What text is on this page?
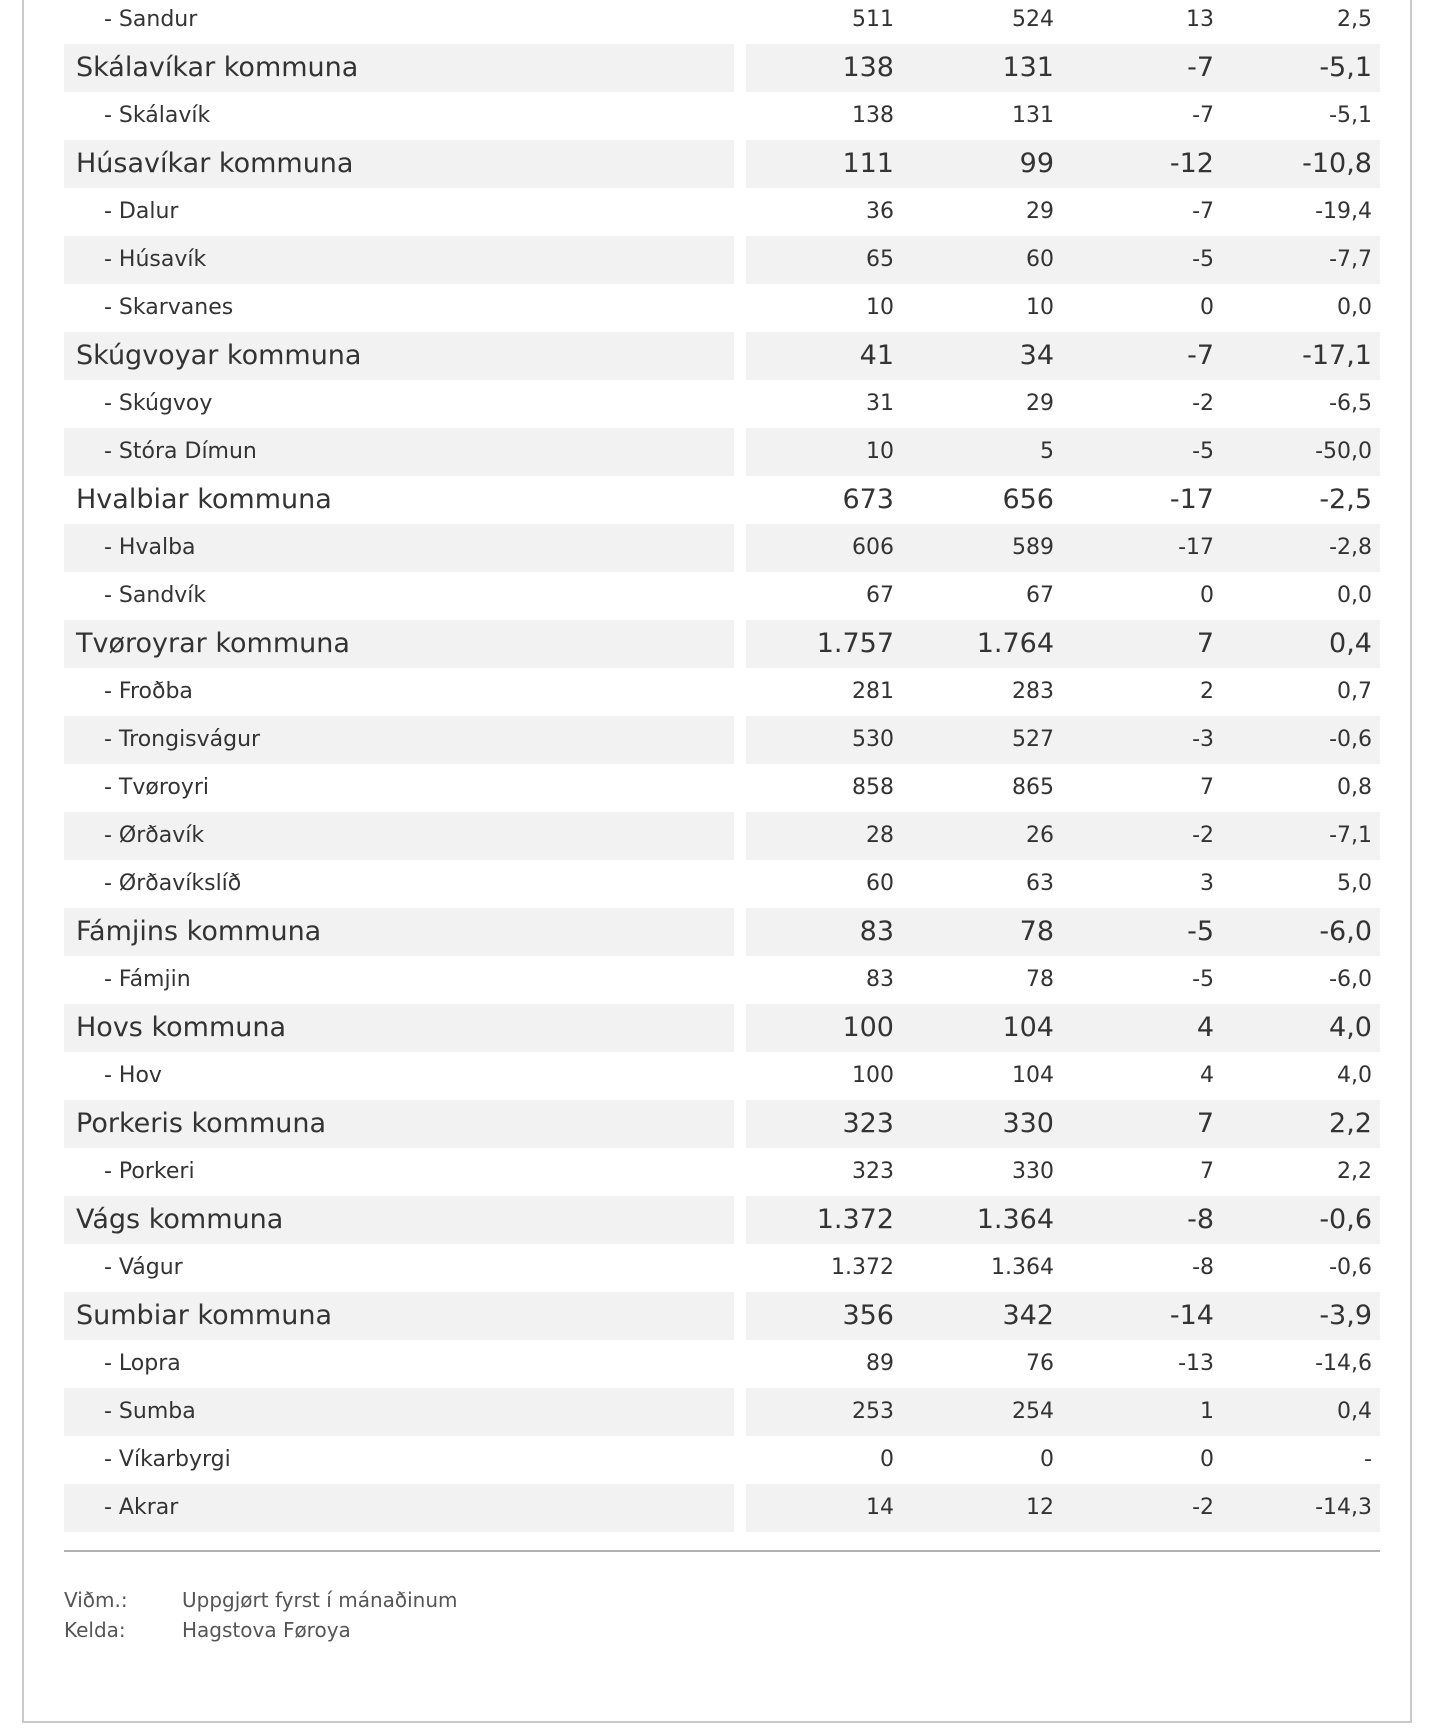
- Sandur	511	524	13	2,5
Skálavíkar kommuna	138	131	-7	-5,1
- Skálavík	138	131	-7	-5,1
Húsavíkar kommuna	111	99	-12	-10,8
- Dalur	36	29	-7	-19,4
- Húsavík	65	60	-5	-7,7
- Skarvanes	10	10	0	0,0
Skúgvoyar kommuna	41	34	-7	-17,1
- Skúgvoy	31	29	-2	-6,5
- Stóra Dímun	10	5	-5	-50,0
Hvalbiar kommuna	673	656	-17	-2,5
- Hvalba	606	589	-17	-2,8
- Sandvík	67	67	0	0,0
Tvøroyrar kommuna	1.757	1.764	7	0,4
- Froðba	281	283	2	0,7
- Trongisvágur	530	527	-3	-0,6
- Tvøroyri	858	865	7	0,8
- Ørðavík	28	26	-2	-7,1
- Ørðavíkslíð	60	63	3	5,0
Fámjins kommuna	83	78	-5	-6,0
- Fámjin	83	78	-5	-6,0
Hovs kommuna	100	104	4	4,0
- Hov	100	104	4	4,0
Porkeris kommuna	323	330	7	2,2
- Porkeri	323	330	7	2,2
Vágs kommuna	1.372	1.364	-8	-0,6
- Vágur	1.372	1.364	-8	-0,6
Sumbiar kommuna	356	342	-14	-3,9
- Lopra	89	76	-13	-14,6
- Sumba	253	254	1	0,4
- Víkarbyrgi	0	0	0	-
- Akrar	14	12	-2	-14,3
Viðm.:	Uppgjørt fyrst í mánaðinum
Kelda:	Hagstova Føroya
